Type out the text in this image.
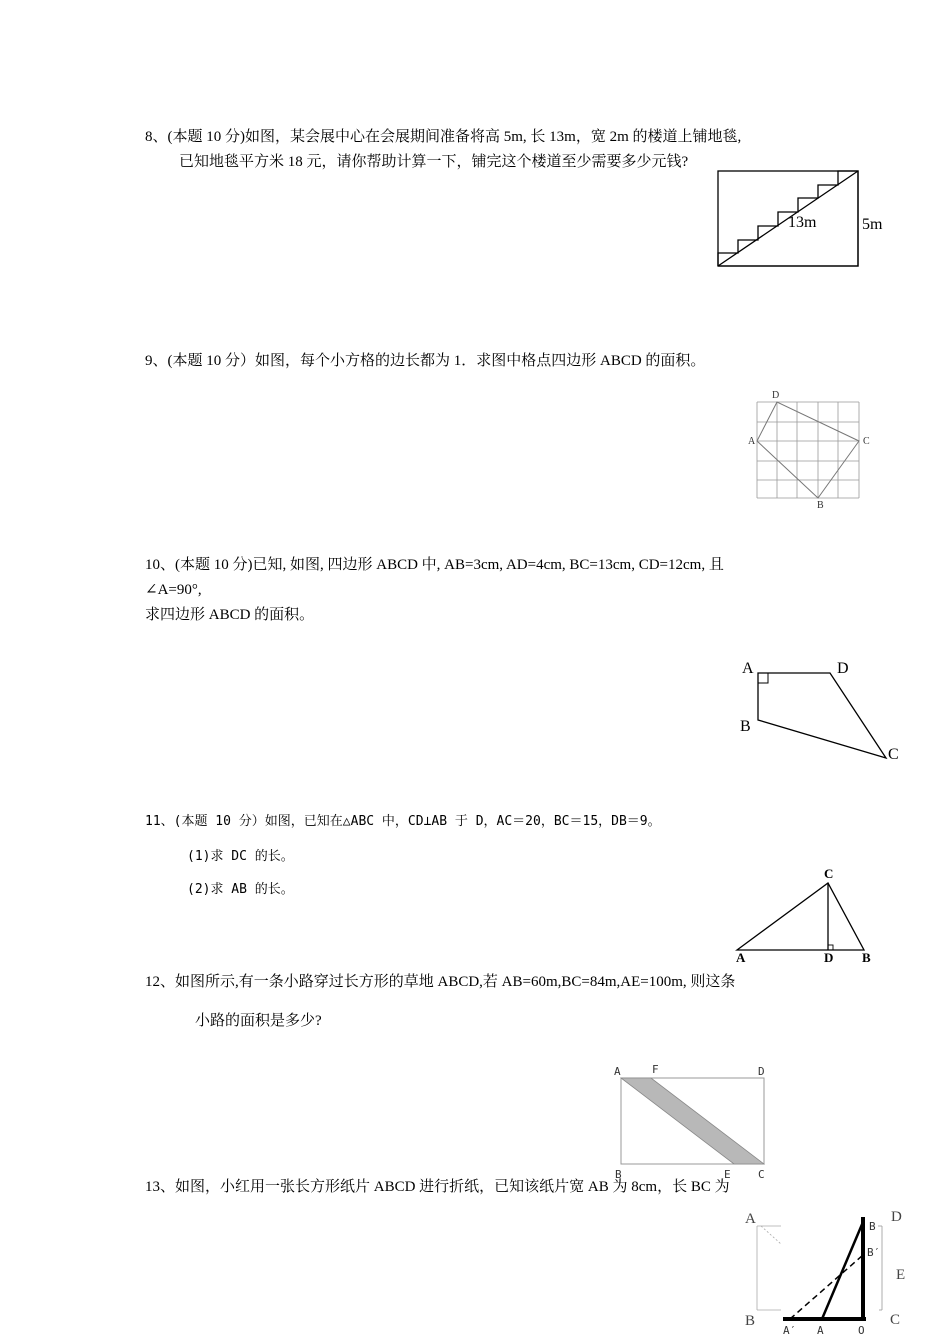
8、(本题 10 分)如图，某会展中心在会展期间准备将高 5m, 长 13m，宽 2m 的楼道上铺地毯,
已知地毯平方米 18 元，请你帮助计算一下，铺完这个楼道至少需要多少元钱?
13m	5m
9、(本题 10 分）如图，每个小方格的边长都为 1．求图中格点四边形 ABCD 的面积。
D
A	C
B
10、(本题 10 分)已知, 如图, 四边形 ABCD 中, AB=3cm, AD=4cm, BC=13cm, CD=12cm, 且
∠A=90°,
求四边形 ABCD 的面积。
A	D
B
C
11、(本题 10 分）如图，已知在△ABC 中，CD⊥AB 于 D，AC＝20，BC＝15，DB＝9。
(1)求 DC 的长。
(2)求 AB 的长。
C
A	D B
12、如图所示,有一条小路穿过长方形的草地 ABCD,若 AB=60m,BC=84m,AE=100m, 则这条
小路的面积是多少?
A	F	D
B	E C
13、如图，小红用一张长方形纸片 ABCD 进行折纸，已知该纸片宽 AB 为 8cm，长 BC 为
A
B
D
E
C
B
B′
A′ A	O
